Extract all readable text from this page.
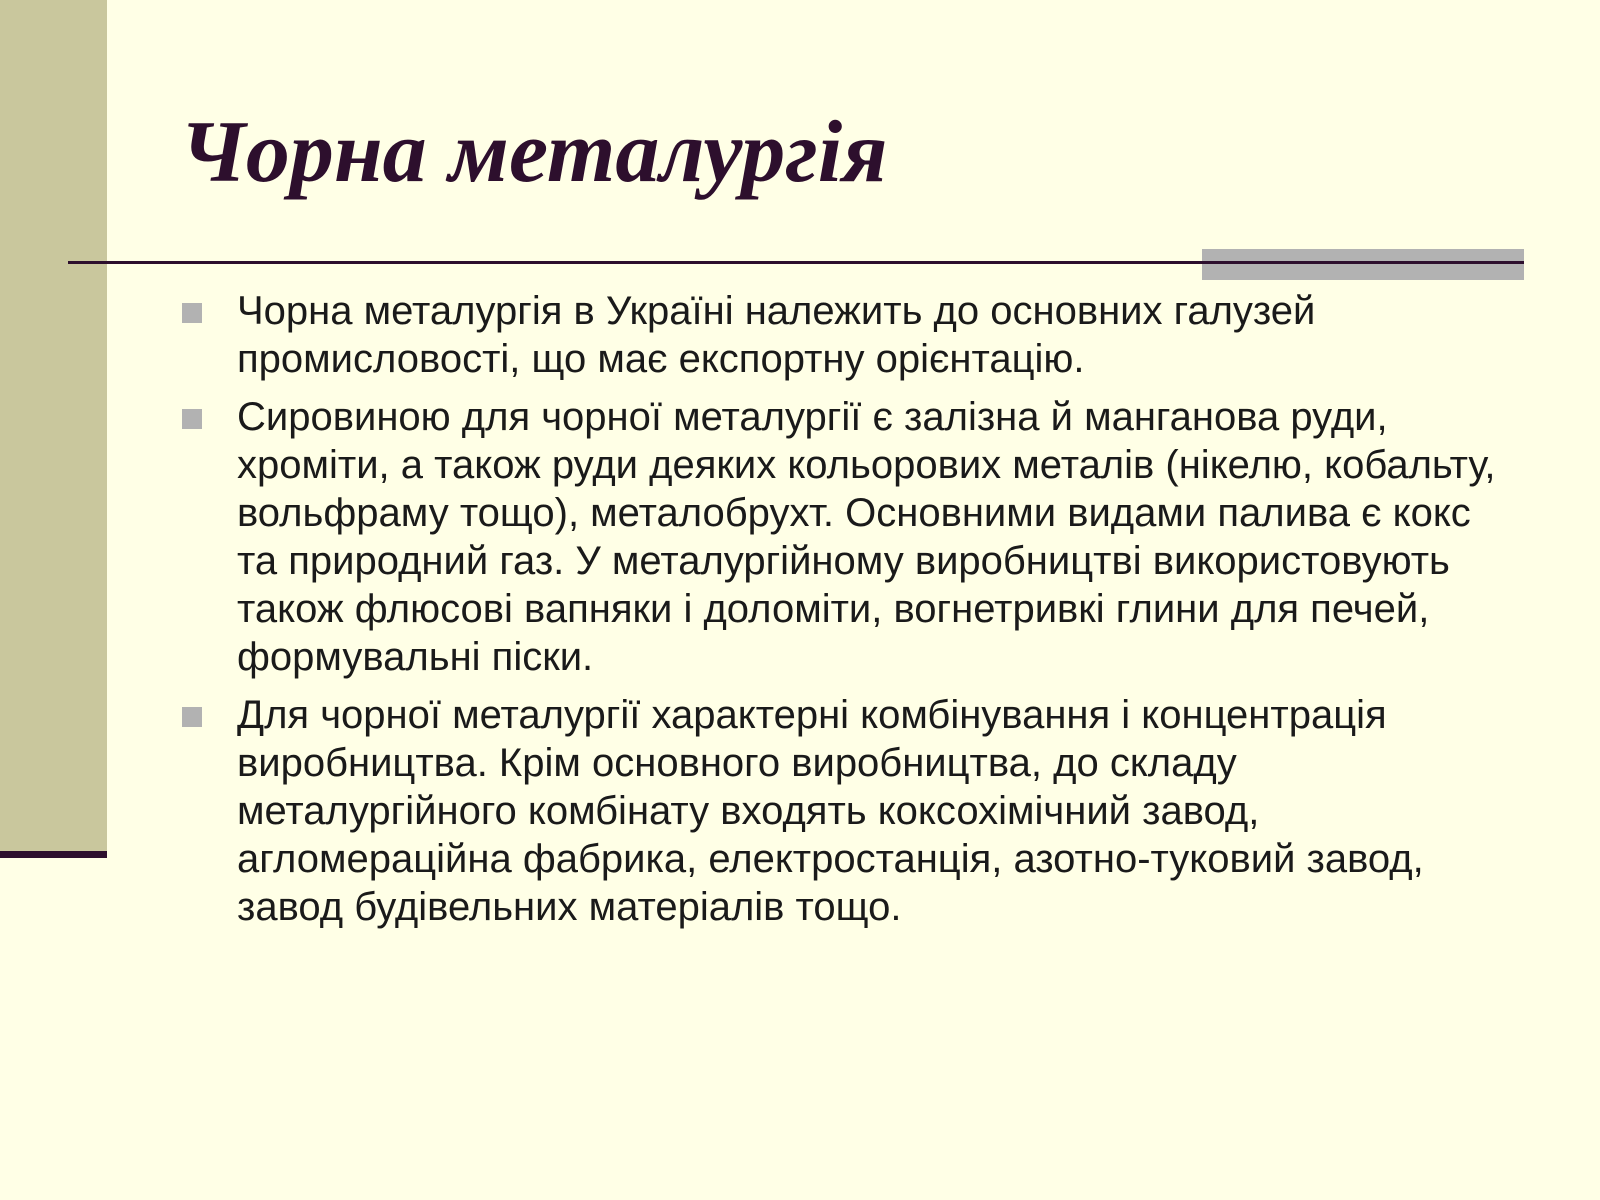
Чорна металургія
Чорна металургія в Україні належить до основних галузей промисловості, що має експортну орієнтацію.
Сировиною для чорної металургії є залізна й манганова руди, хроміти, а також руди деяких кольорових металів (нікелю, кобальту, вольфраму тощо), металобрухт. Основними видами палива є кокс та природний газ. У металургійному виробництві використовують також флюсові вапняки і доломіти, вогнетривкі глини для печей, формувальні піски.
Для чорної металургії характерні комбінування і концентрація виробництва. Крім основного виробництва, до складу металургійного комбінату входять коксохімічний завод, агломераційна фабрика, електростанція, азотно-туковий завод, завод будівельних матеріалів тощо.
